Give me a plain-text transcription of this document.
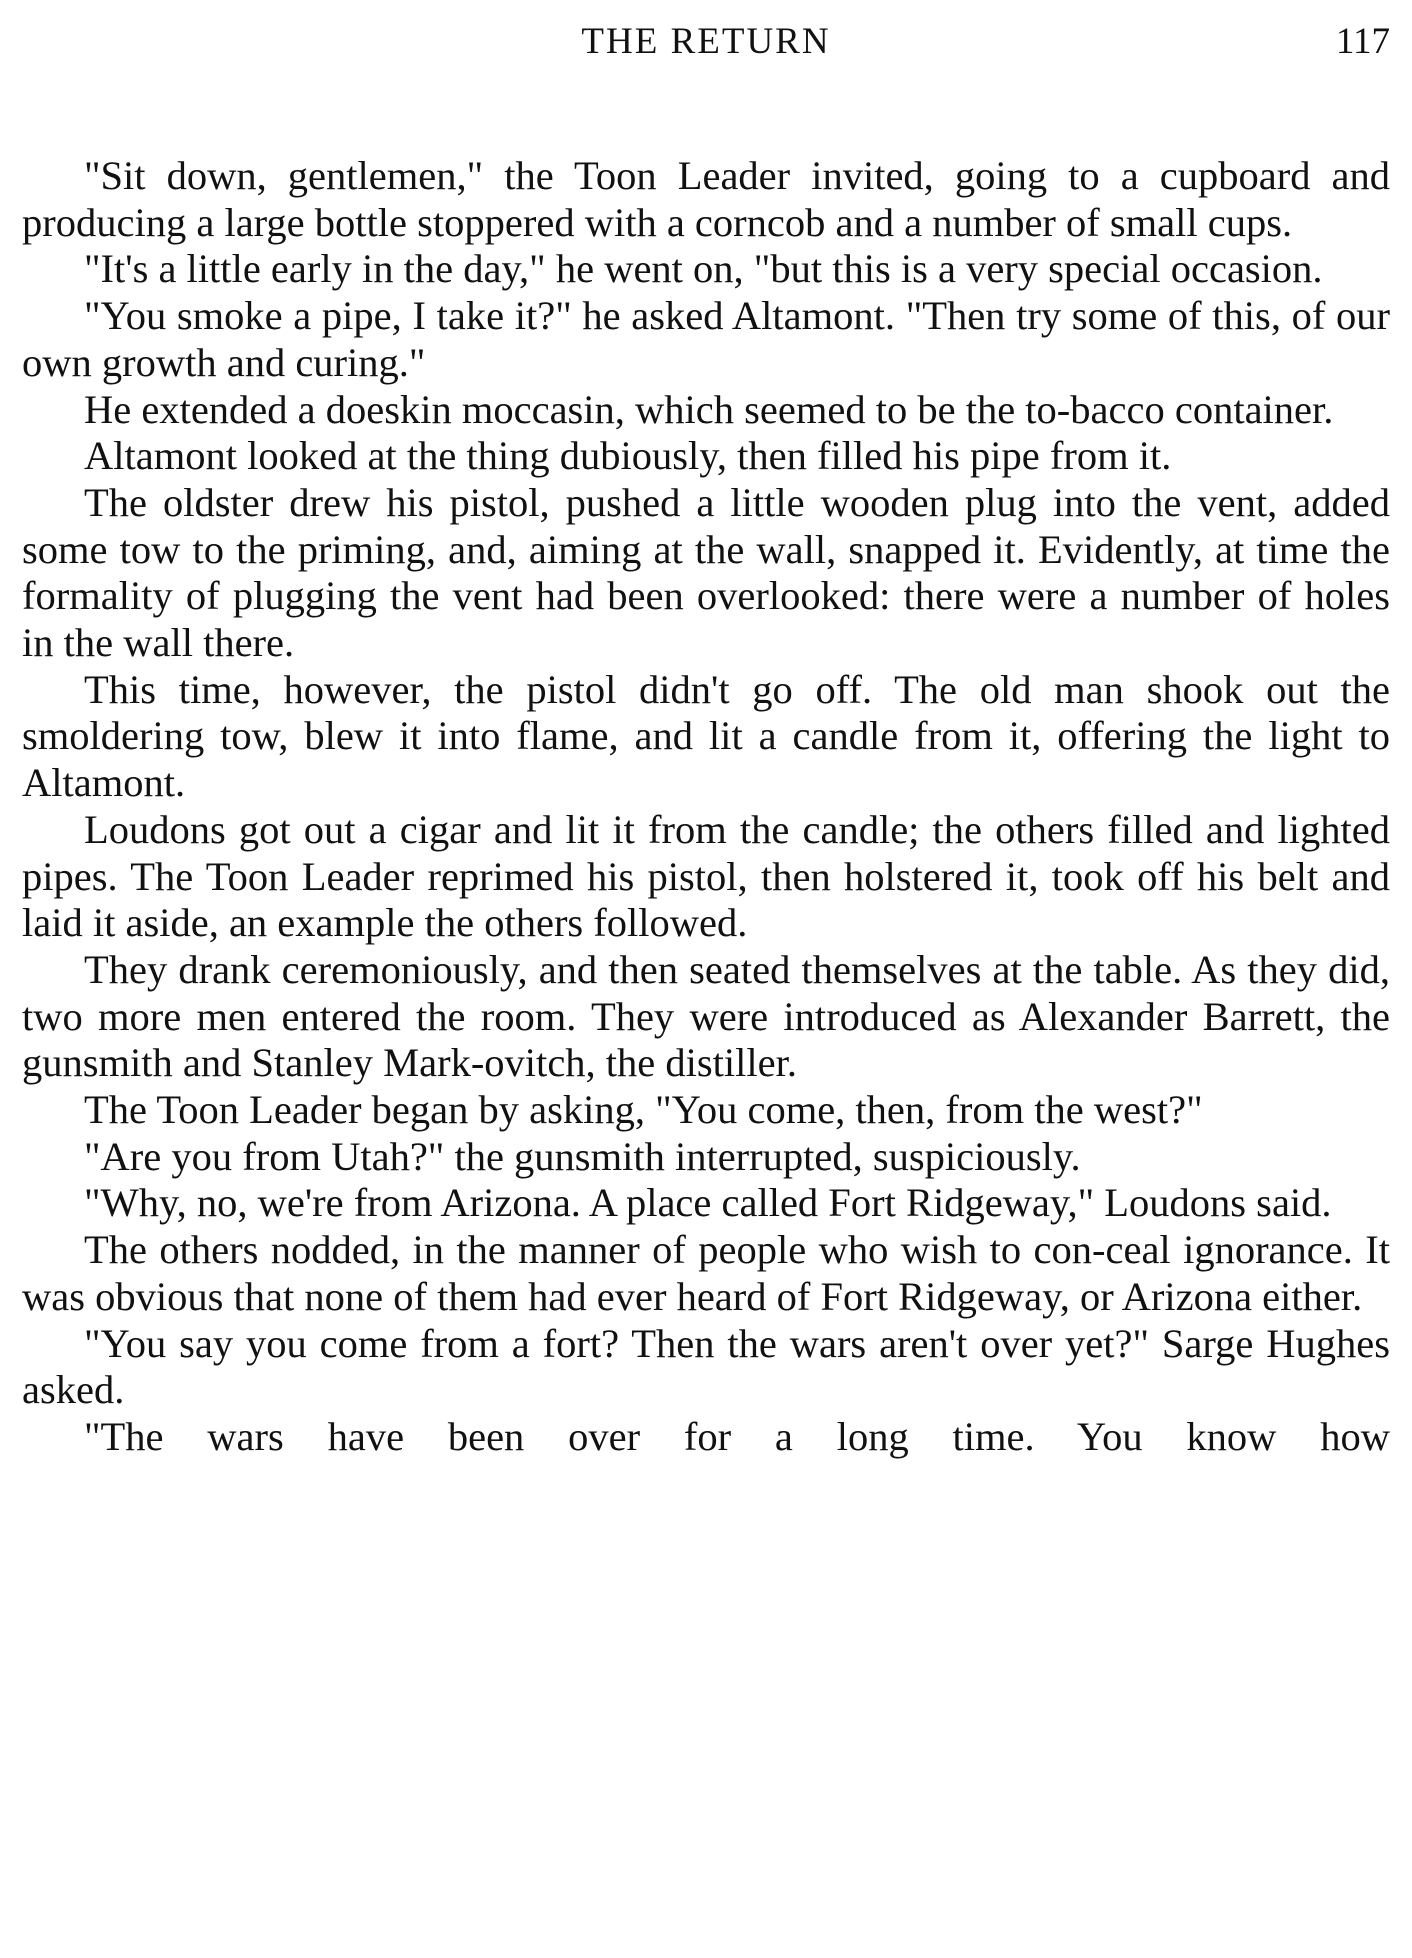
THE RETURN	117

"Sit down, gentlemen," the Toon Leader invited, going to a cupboard and producing a large bottle stoppered with a corncob and a number of small cups.

"It's a little early in the day," he went on, "but this is a very special occasion.

"You smoke a pipe, I take it?" he asked Altamont. "Then try some of this, of our own growth and curing."

He extended a doeskin moccasin, which seemed to be the to-bacco container.

Altamont looked at the thing dubiously, then filled his pipe from it.

The oldster drew his pistol, pushed a little wooden plug into the vent, added some tow to the priming, and, aiming at the wall, snapped it. Evidently, at time the formality of plugging the vent had been overlooked: there were a number of holes in the wall there.

This time, however, the pistol didn't go off. The old man shook out the smoldering tow, blew it into flame, and lit a candle from it, offering the light to Altamont.

Loudons got out a cigar and lit it from the candle; the others filled and lighted pipes. The Toon Leader reprimed his pistol, then holstered it, took off his belt and laid it aside, an example the others followed.

They drank ceremoniously, and then seated themselves at the table. As they did, two more men entered the room. They were introduced as Alexander Barrett, the gunsmith and Stanley Mark-ovitch, the distiller.

The Toon Leader began by asking, "You come, then, from the west?"

"Are you from Utah?" the gunsmith interrupted, suspiciously.

"Why, no, we're from Arizona. A place called Fort Ridgeway," Loudons said.

The others nodded, in the manner of people who wish to con-ceal ignorance. It was obvious that none of them had ever heard of Fort Ridgeway, or Arizona either.

"You say you come from a fort? Then the wars aren't over yet?" Sarge Hughes asked.

"The wars have been over for a long time. You know how
